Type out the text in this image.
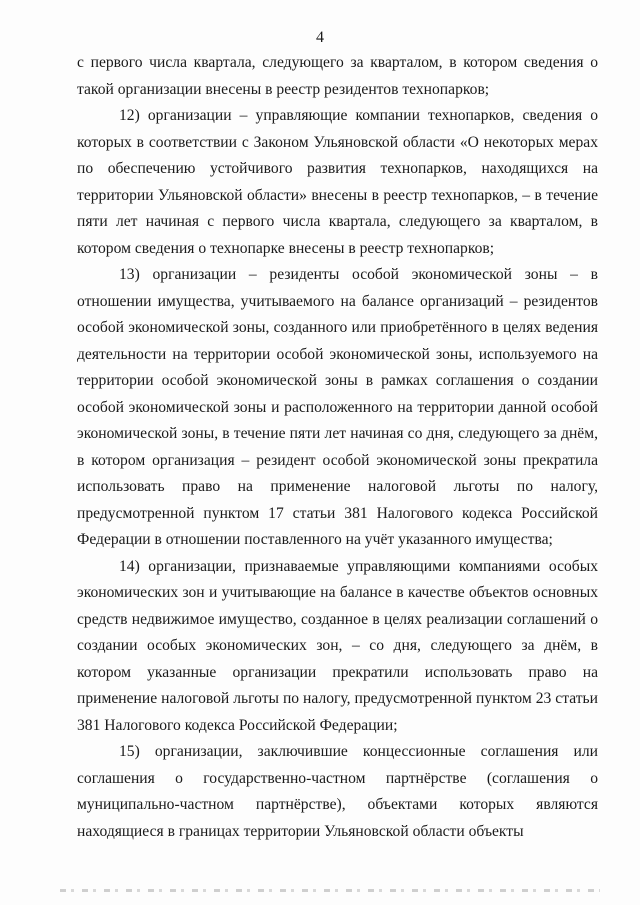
4

с первого числа квартала, следующего за кварталом, в котором сведения о такой организации внесены в реестр резидентов технопарков;

12) организации – управляющие компании технопарков, сведения о которых в соответствии с Законом Ульяновской области «О некоторых мерах по обеспечению устойчивого развития технопарков, находящихся на территории Ульяновской области» внесены в реестр технопарков, – в течение пяти лет начиная с первого числа квартала, следующего за кварталом, в котором сведения о технопарке внесены в реестр технопарков;

13) организации – резиденты особой экономической зоны – в отношении имущества, учитываемого на балансе организаций – резидентов особой экономической зоны, созданного или приобретённого в целях ведения деятельности на территории особой экономической зоны, используемого на территории особой экономической зоны в рамках соглашения о создании особой экономической зоны и расположенного на территории данной особой экономической зоны, в течение пяти лет начиная со дня, следующего за днём, в котором организация – резидент особой экономической зоны прекратила использовать право на применение налоговой льготы по налогу, предусмотренной пунктом 17 статьи 381 Налогового кодекса Российской Федерации в отношении поставленного на учёт указанного имущества;

14) организации, признаваемые управляющими компаниями особых экономических зон и учитывающие на балансе в качестве объектов основных средств недвижимое имущество, созданное в целях реализации соглашений о создании особых экономических зон, – со дня, следующего за днём, в котором указанные организации прекратили использовать право на применение налоговой льготы по налогу, предусмотренной пунктом 23 статьи 381 Налогового кодекса Российской Федерации;

15) организации, заключившие концессионные соглашения или соглашения о государственно-частном партнёрстве (соглашения о муниципально-частном партнёрстве), объектами которых являются находящиеся в границах территории Ульяновской области объекты
